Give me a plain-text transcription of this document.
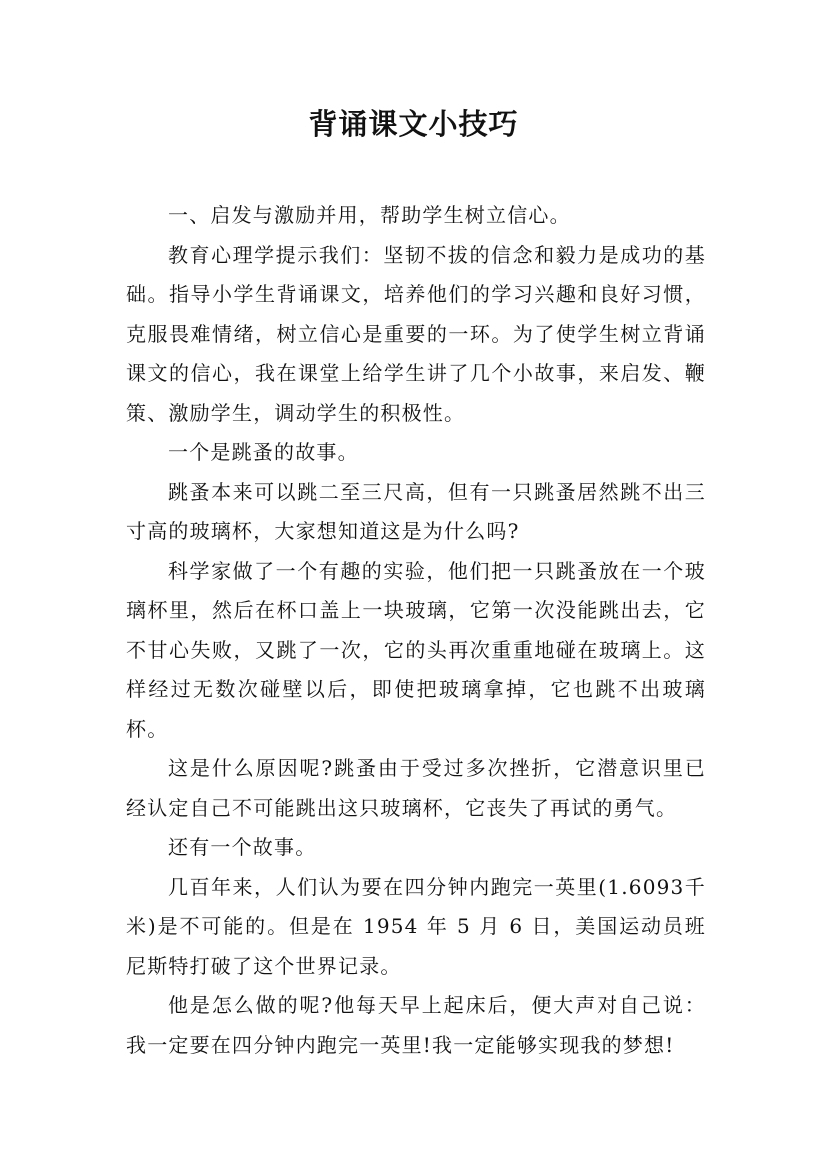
背诵课文小技巧

一、启发与激励并用，帮助学生树立信心。

教育心理学提示我们：坚韧不拔的信念和毅力是成功的基础。指导小学生背诵课文，培养他们的学习兴趣和良好习惯，克服畏难情绪，树立信心是重要的一环。为了使学生树立背诵课文的信心，我在课堂上给学生讲了几个小故事，来启发、鞭策、激励学生，调动学生的积极性。

一个是跳蚤的故事。

跳蚤本来可以跳二至三尺高，但有一只跳蚤居然跳不出三寸高的玻璃杯，大家想知道这是为什么吗?

科学家做了一个有趣的实验，他们把一只跳蚤放在一个玻璃杯里，然后在杯口盖上一块玻璃，它第一次没能跳出去，它不甘心失败，又跳了一次，它的头再次重重地碰在玻璃上。这样经过无数次碰壁以后，即使把玻璃拿掉，它也跳不出玻璃杯。

这是什么原因呢?跳蚤由于受过多次挫折，它潜意识里已经认定自己不可能跳出这只玻璃杯，它丧失了再试的勇气。

还有一个故事。

几百年来，人们认为要在四分钟内跑完一英里(1.6093千米)是不可能的。但是在 1954 年 5 月 6 日，美国运动员班尼斯特打破了这个世界记录。

他是怎么做的呢?他每天早上起床后，便大声对自己说：我一定要在四分钟内跑完一英里!我一定能够实现我的梦想!
